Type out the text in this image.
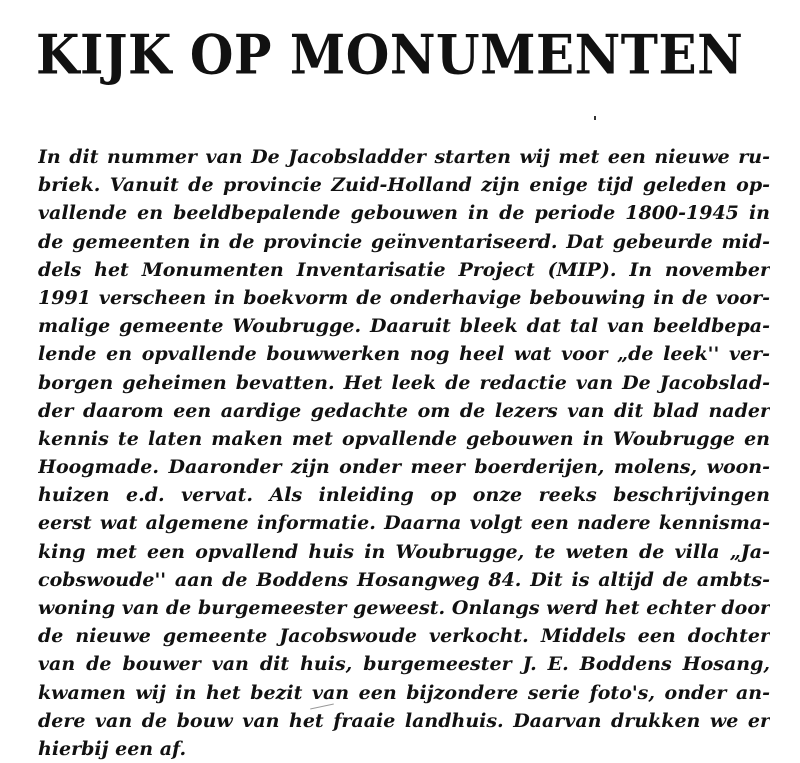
KIJK OP MONUMENTEN
In dit nummer van De Jacobsladder starten wij met een nieuwe ru-
briek. Vanuit de provincie Zuid-Holland zijn enige tijd geleden op-
vallende en beeldbepalende gebouwen in de periode 1800-1945 in
de gemeenten in de provincie geïnventariseerd. Dat gebeurde mid-
dels het Monumenten Inventarisatie Project (MIP). In november
1991 verscheen in boekvorm de onderhavige bebouwing in de voor-
malige gemeente Woubrugge. Daaruit bleek dat tal van beeldbepa-
lende en opvallende bouwwerken nog heel wat voor „de leek'' ver-
borgen geheimen bevatten. Het leek de redactie van De Jacobslad-
der daarom een aardige gedachte om de lezers van dit blad nader
kennis te laten maken met opvallende gebouwen in Woubrugge en
Hoogmade. Daaronder zijn onder meer boerderijen, molens, woon-
huizen e.d. vervat. Als inleiding op onze reeks beschrijvingen
eerst wat algemene informatie. Daarna volgt een nadere kennisma-
king met een opvallend huis in Woubrugge, te weten de villa „Ja-
cobswoude'' aan de Boddens Hosangweg 84. Dit is altijd de ambts-
woning van de burgemeester geweest. Onlangs werd het echter door
de nieuwe gemeente Jacobswoude verkocht. Middels een dochter
van de bouwer van dit huis, burgemeester J. E. Boddens Hosang,
kwamen wij in het bezit van een bijzondere serie foto's, onder an-
dere van de bouw van het fraaie landhuis. Daarvan drukken we er
hierbij een af.
